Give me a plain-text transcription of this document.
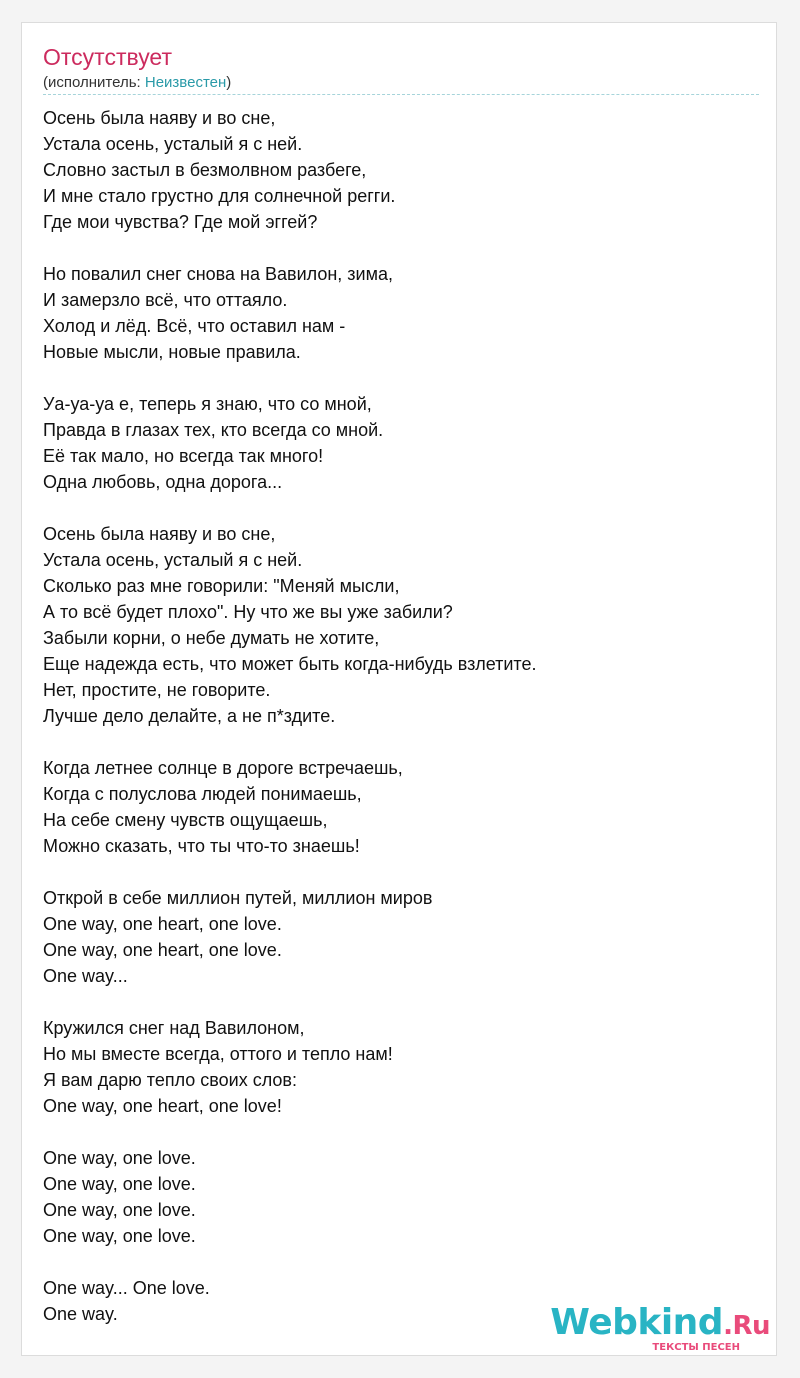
Отсутствует
(исполнитель: Неизвестен)
Осень была наяву и во сне,
Устала осень, усталый я с ней.
Словно застыл в безмолвном разбеге,
И мне стало грустно для солнечной регги.
Где мои чувства? Где мой эггей?
Но повалил снег снова на Вавилон, зима,
И замерзло всё, что оттаяло.
Холод и лёд. Всё, что оставил нам -
Новые мысли, новые правила.
Уа-уа-уа е, теперь я знаю, что со мной,
Правда в глазах тех, кто всегда со мной.
Её так мало, но всегда так много!
Одна любовь, одна дорога...
Осень была наяву и во сне,
Устала осень, усталый я с ней.
Сколько раз мне говорили: "Меняй мысли,
А то всё будет плохо". Ну что же вы уже забили?
Забыли корни, о небе думать не хотите,
Еще надежда есть, что может быть когда-нибудь взлетите.
Нет, простите, не говорите.
Лучше дело делайте, а не п*здите.
Когда летнее солнце в дороге встречаешь,
Когда с полуслова людей понимаешь,
На себе смену чувств ощущаешь,
Можно сказать, что ты что-то знаешь!
Открой в себе миллион путей, миллион миров
One way, one heart, one love.
One way, one heart, one love.
One way...
Кружился снег над Вавилоном,
Но мы вместе всегда, оттого и тепло нам!
Я вам дарю тепло своих слов:
One way, one heart, one love!
One way, one love.
One way, one love.
One way, one love.
One way, one love.
One way... One love.
One way.	Webkind.Ru
ТЕКСТЫ ПЕСЕН
